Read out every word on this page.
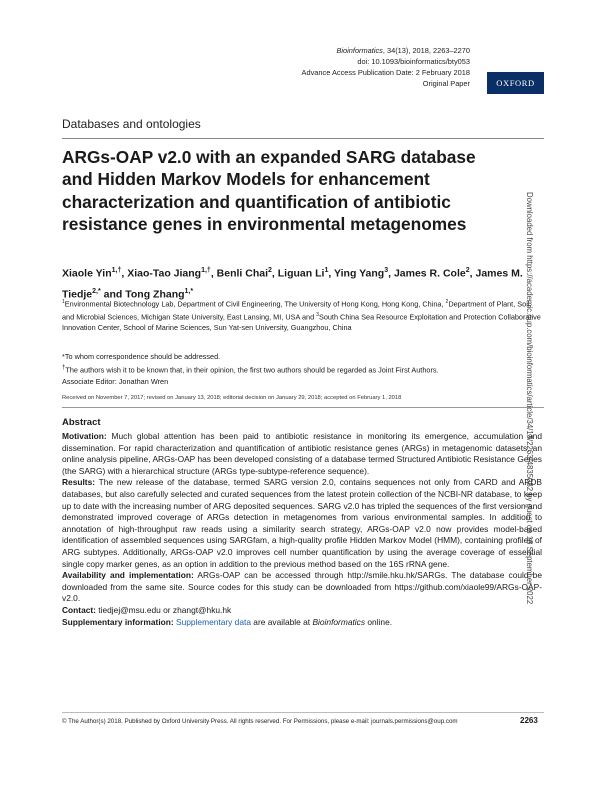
Bioinformatics, 34(13), 2018, 2263–2270
doi: 10.1093/bioinformatics/bty053
Advance Access Publication Date: 2 February 2018
Original Paper	OXFORD
Databases and ontologies
ARGs-OAP v2.0 with an expanded SARG database and Hidden Markov Models for enhancement characterization and quantification of antibiotic resistance genes in environmental metagenomes
Xiaole Yin$^{1,\dagger}$, Xiao-Tao Jiang$^{1,\dagger}$, Benli Chai$^2$, Liguan Li$^1$, Ying Yang$^3$, James R. Cole$^2$, James M. Tiedje$^{2,*}$ and Tong Zhang$^{1,*}$
$^1$Environmental Biotechnology Lab, Department of Civil Engineering, The University of Hong Kong, Hong Kong, China, $^2$Department of Plant, Soil, and Microbial Sciences, Michigan State University, East Lansing, MI, USA and $^3$South China Sea Resource Exploitation and Protection Collaborative Innovation Center, School of Marine Sciences, Sun Yat-sen University, Guangzhou, China
*To whom correspondence should be addressed.
†The authors wish it to be known that, in their opinion, the first two authors should be regarded as Joint First Authors.
Associate Editor: Jonathan Wren
Received on November 7, 2017; revised on January 13, 2018; editorial decision on January 29, 2018; accepted on February 1, 2018
Abstract

Motivation: Much global attention has been paid to antibiotic resistance in monitoring its emergence, accumulation and dissemination. For rapid characterization and quantification of antibiotic resistance genes (ARGs) in metagenomic datasets, an online analysis pipeline, ARGs-OAP has been developed consisting of a database termed Structured Antibiotic Resistance Genes (the SARG) with a hierarchical structure (ARGs type-subtype-reference sequence).

Results: The new release of the database, termed SARG version 2.0, contains sequences not only from CARD and ARDB databases, but also carefully selected and curated sequences from the latest protein collection of the NCBI-NR database, to keep up to date with the increasing number of ARG deposited sequences. SARG v2.0 has tripled the sequences of the first version and demonstrated improved coverage of ARGs detection in metagenomes from various environmental samples. In addition to annotation of high-throughput raw reads using a similarity search strategy, ARGs-OAP v2.0 now provides model-based identification of assembled sequences using SARGfam, a high-quality profile Hidden Markov Model (HMM), containing profiles of ARG subtypes. Additionally, ARGs-OAP v2.0 improves cell number quantification by using the average coverage of essential single copy marker genes, as an option in addition to the previous method based on the 16S rRNA gene.

Availability and implementation: ARGs-OAP can be accessed through http://smile.hku.hk/SARGs. The database could be downloaded from the same site. Source codes for this study can be downloaded from https://github.com/xiaole99/ARGs-OAP-v2.0.

Contact: tiedjej@msu.edu or zhangt@hku.hk

Supplementary information: Supplementary data are available at Bioinformatics online.

© The Author(s) 2018. Published by Oxford University Press. All rights reserved. For Permissions, please e-mail: journals.permissions@oup.com	2263
Downloaded from https://academic.oup.com/bioinformatics/article/34/13/2263/4835082 by guest on 18 September 2022
